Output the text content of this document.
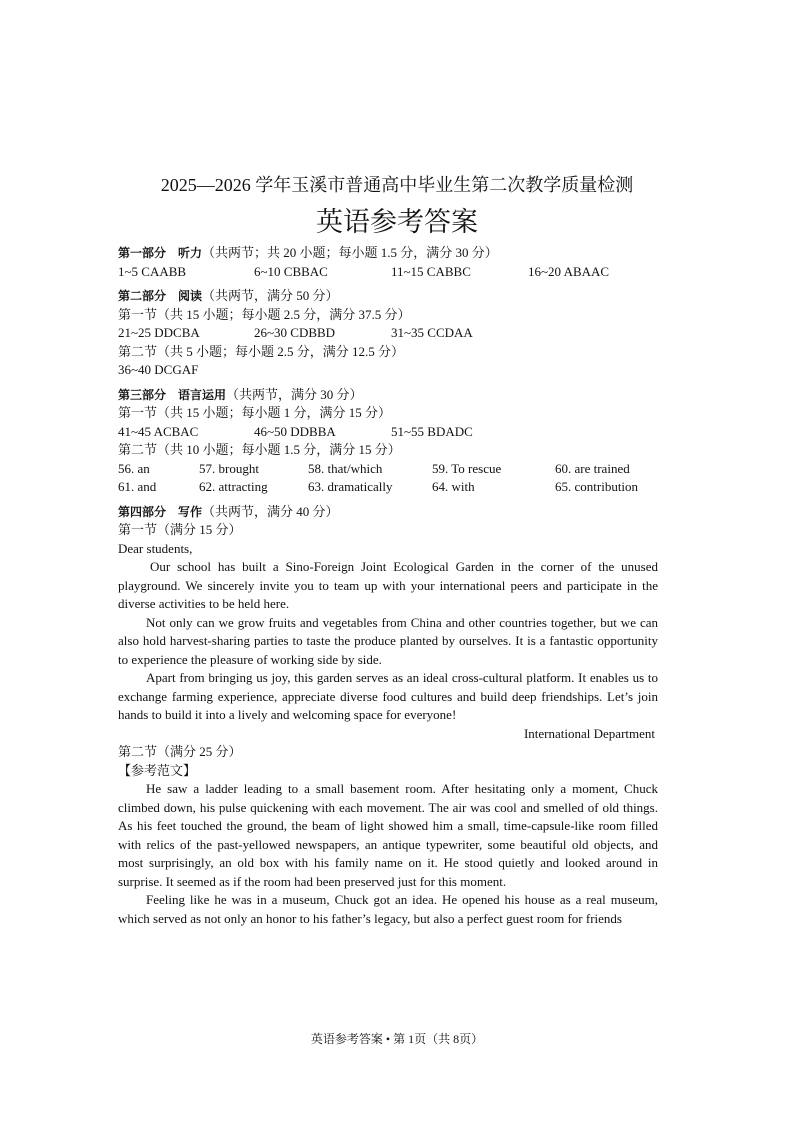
2025—2026 学年玉溪市普通高中毕业生第二次教学质量检测
英语参考答案
第一部分　听力（共两节；共 20 小题；每小题 1.5 分，满分 30 分）
1~5 CAABB	6~10 CBBAC	11~15 CABBC	16~20 ABAAC
第二部分　阅读（共两节，满分 50 分）
第一节（共 15 小题；每小题 2.5 分，满分 37.5 分）
21~25 DDCBA	26~30 CDBBD	31~35 CCDAA
第二节（共 5 小题；每小题 2.5 分，满分 12.5 分）
36~40 DCGAF
第三部分　语言运用（共两节，满分 30 分）
第一节（共 15 小题；每小题 1 分，满分 15 分）
41~45 ACBAC	46~50 DDBBA	51~55 BDADC
第二节（共 10 小题；每小题 1.5 分，满分 15 分）
56. an	57. brought	58. that/which	59. To rescue	60. are trained
61. and	62. attracting	63. dramatically	64. with	65. contribution
第四部分　写作（共两节，满分 40 分）
第一节（满分 15 分）
Dear students,

Our school has built a Sino-Foreign Joint Ecological Garden in the corner of the unused playground. We sincerely invite you to team up with your international peers and participate in the diverse activities to be held here.

Not only can we grow fruits and vegetables from China and other countries together, but we can also hold harvest-sharing parties to taste the produce planted by ourselves. It is a fantastic opportunity to experience the pleasure of working side by side.

Apart from bringing us joy, this garden serves as an ideal cross-cultural platform. It enables us to exchange farming experience, appreciate diverse food cultures and build deep friendships. Let’s join hands to build it into a lively and welcoming space for everyone!

International Department
第二节（满分 25 分）
【参考范文】

He saw a ladder leading to a small basement room. After hesitating only a moment, Chuck climbed down, his pulse quickening with each movement. The air was cool and smelled of old things. As his feet touched the ground, the beam of light showed him a small, time-capsule-like room filled with relics of the past-yellowed newspapers, an antique typewriter, some beautiful old objects, and most surprisingly, an old box with his family name on it. He stood quietly and looked around in surprise. It seemed as if the room had been preserved just for this moment.

Feeling like he was in a museum, Chuck got an idea. He opened his house as a real museum, which served as not only an honor to his father’s legacy, but also a perfect guest room for friends

英语参考答案 • 第 1页（共 8页）
